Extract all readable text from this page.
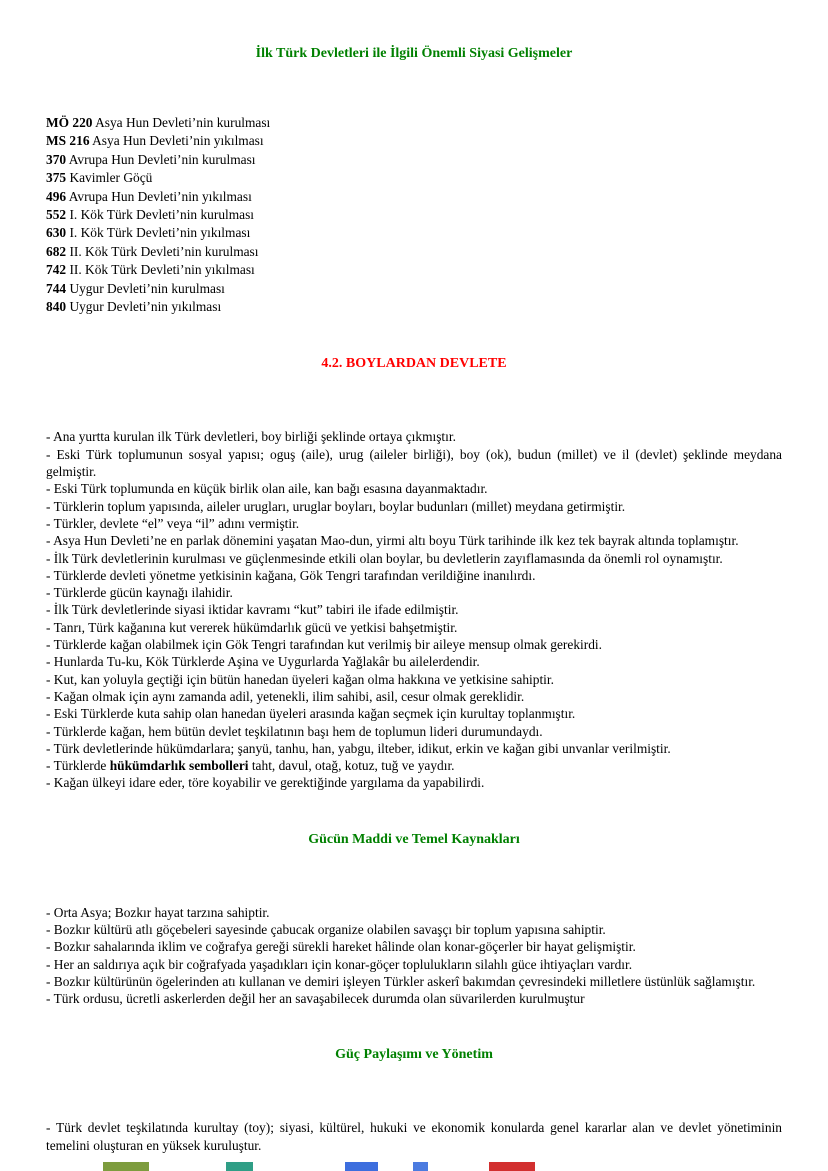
İlk Türk Devletleri ile İlgili Önemli Siyasi Gelişmeler

MÖ 220 Asya Hun Devleti’nin kurulması

MS 216 Asya Hun Devleti’nin yıkılması

370 Avrupa Hun Devleti’nin kurulması

375 Kavimler Göçü

496 Avrupa Hun Devleti’nin yıkılması

552 I. Kök Türk Devleti’nin kurulması

630 I. Kök Türk Devleti’nin yıkılması

682 II. Kök Türk Devleti’nin kurulması

742 II. Kök Türk Devleti’nin yıkılması

744 Uygur Devleti’nin kurulması

840 Uygur Devleti’nin yıkılması

4.2. BOYLARDAN DEVLETE

- Ana yurtta kurulan ilk Türk devletleri, boy birliği şeklinde ortaya çıkmıştır.

- Eski Türk toplumunun sosyal yapısı; oguş (aile), urug (aileler birliği), boy (ok), budun (millet) ve il (devlet) şeklinde meydana gelmiştir.

- Eski Türk toplumunda en küçük birlik olan aile, kan bağı esasına dayanmaktadır.

- Türklerin toplum yapısında, aileler urugları, uruglar boyları, boylar budunları (millet) meydana getirmiştir.

- Türkler, devlete “el” veya “il” adını vermiştir.

- Asya Hun Devleti’ne en parlak dönemini yaşatan Mao-dun, yirmi altı boyu Türk tarihinde ilk kez tek bayrak altında toplamıştır.

- İlk Türk devletlerinin kurulması ve güçlenmesinde etkili olan boylar, bu devletlerin zayıflamasında da önemli rol oynamıştır.

- Türklerde devleti yönetme yetkisinin kağana, Gök Tengri tarafından verildiğine inanılırdı.

- Türklerde gücün kaynağı ilahidir.

- İlk Türk devletlerinde siyasi iktidar kavramı “kut” tabiri ile ifade edilmiştir.

- Tanrı, Türk kağanına kut vererek hükümdarlık gücü ve yetkisi bahşetmiştir.

- Türklerde kağan olabilmek için Gök Tengri tarafından kut verilmiş bir aileye mensup olmak gerekirdi.

- Hunlarda Tu-ku, Kök Türklerde Aşina ve Uygurlarda Yağlakâr bu ailelerdendir.

- Kut, kan yoluyla geçtiği için bütün hanedan üyeleri kağan olma hakkına ve yetkisine sahiptir.

- Kağan olmak için aynı zamanda adil, yetenekli, ilim sahibi, asil, cesur olmak gereklidir.

- Eski Türklerde kuta sahip olan hanedan üyeleri arasında kağan seçmek için kurultay toplanmıştır.

- Türklerde kağan, hem bütün devlet teşkilatının başı hem de toplumun lideri durumundaydı.

- Türk devletlerinde hükümdarlara; şanyü, tanhu, han, yabgu, ilteber, idikut, erkin ve kağan gibi unvanlar verilmiştir.

- Türklerde hükümdarlık sembolleri taht, davul, otağ, kotuz, tuğ ve yaydır.

- Kağan ülkeyi idare eder, töre koyabilir ve gerektiğinde yargılama da yapabilirdi.

Gücün Maddi ve Temel Kaynakları

- Orta Asya; Bozkır hayat tarzına sahiptir.

- Bozkır kültürü atlı göçebeleri sayesinde çabucak organize olabilen savaşçı bir toplum yapısına sahiptir.

- Bozkır sahalarında iklim ve coğrafya gereği sürekli hareket hâlinde olan konar-göçerler bir hayat gelişmiştir.

- Her an saldırıya açık bir coğrafyada yaşadıkları için konar-göçer toplulukların silahlı güce ihtiyaçları vardır.

- Bozkır kültürünün ögelerinden atı kullanan ve demiri işleyen Türkler askerî bakımdan çevresindeki milletlere üstünlük sağlamıştır.

- Türk ordusu, ücretli askerlerden değil her an savaşabilecek durumda olan süvarilerden kurulmuştur

Güç Paylaşımı ve Yönetim

- Türk devlet teşkilatında kurultay (toy); siyasi, kültürel, hukuki ve ekonomik konularda genel kararlar alan ve devlet yönetiminin temelini oluşturan en yüksek kuruluştur.
